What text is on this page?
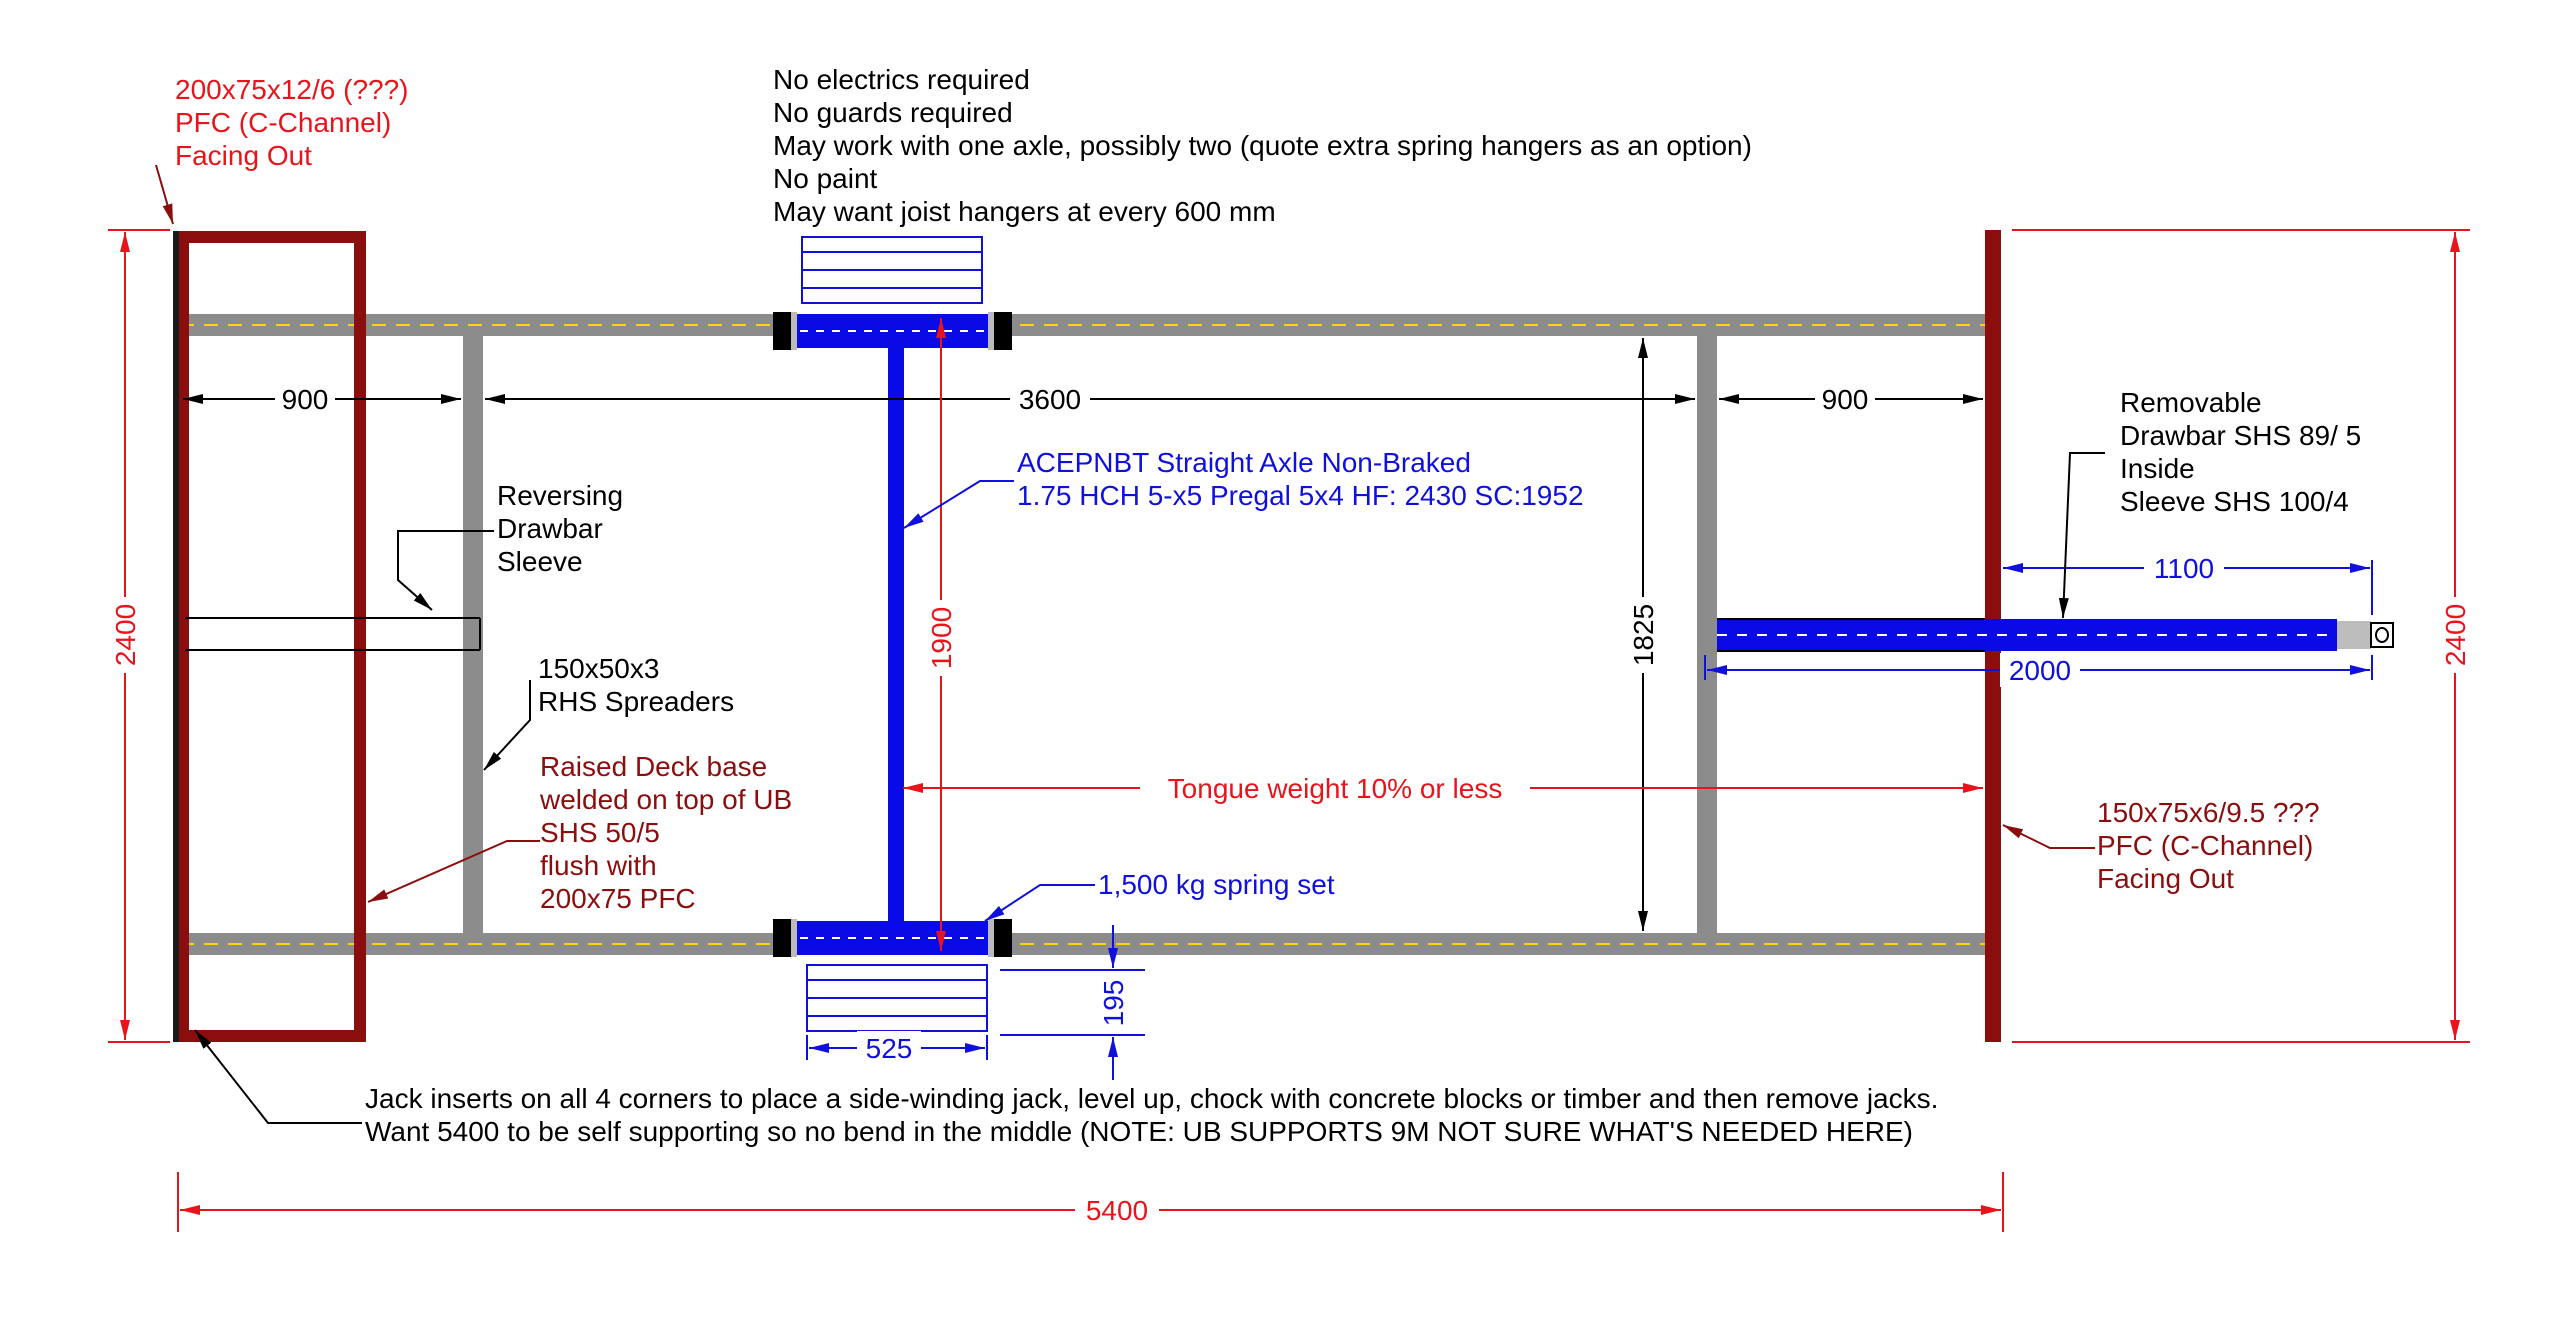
900	3600	900
1825
1900
2400	2400
1100
2000
195
525
5400
Tongue weight 10% or less
No electrics required
No guards required
May work with one axle, possibly two (quote extra spring hangers as an option)
No paint
May want joist hangers at every 600 mm
200x75x12/6 (???)
PFC (C-Channel)
Facing Out
Reversing
Drawbar
Sleeve
150x50x3
RHS Spreaders
Raised Deck base
welded on top of UB
SHS 50/5
flush with
200x75 PFC
ACEPNBT Straight Axle Non-Braked
1.75 HCH 5-x5 Pregal 5x4 HF: 2430 SC:1952
1,500 kg spring set
Removable
Drawbar SHS 89/ 5
Inside
Sleeve SHS 100/4
150x75x6/9.5 ???
PFC (C-Channel)
Facing Out
Jack inserts on all 4 corners to place a side-winding jack, level up, chock with concrete blocks or timber and then remove jacks.
Want 5400 to be self supporting so no bend in the middle (NOTE: UB SUPPORTS 9M NOT SURE WHAT'S NEEDED HERE)
